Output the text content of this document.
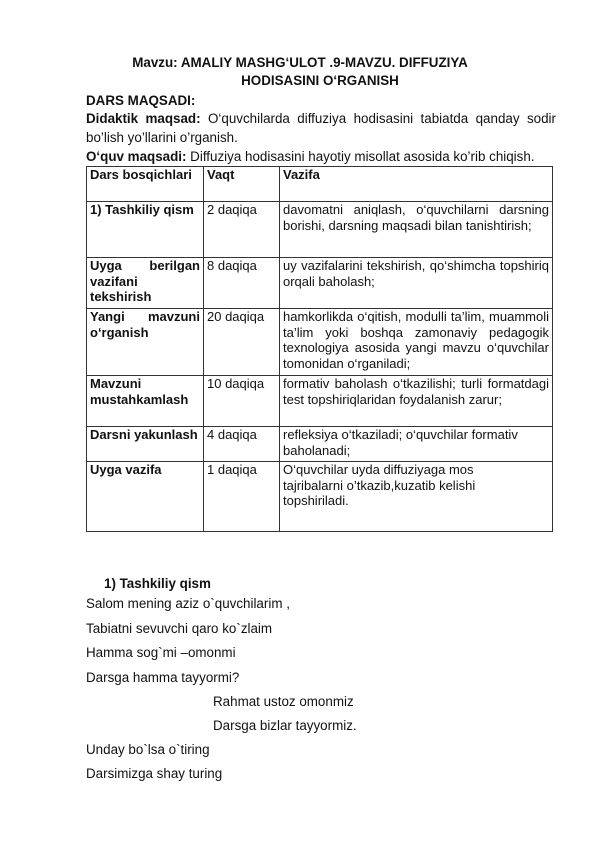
Mavzu: AMALIY MASHG‘ULOT .9-MAVZU. DIFFUZIYA
HODISASINI O‘RGANISH
DARS MAQSADI:
Didaktik maqsad: O‘quvchilarda diffuziya hodisasini tabiatda qanday sodir
bo’lish yo’llarini o’rganish.
O‘quv maqsadi: Diffuziya hodisasini hayotiy misollat asosida ko’rib chiqish.
Dars bosqichlari	Vaqt	Vazifa
1) Tashkiliy qism	2 daqiqa	davomatni aniqlash, o‘quvchilarni darsning borishi, darsning maqsadi bilan tanishtirish;
Uyga berilgan vazifani tekshirish	8 daqiqa	uy vazifalarini tekshirish, qo‘shimcha topshiriq orqali baholash;
Yangi mavzuni o‘rganish	20 daqiqa	hamkorlikda o‘qitish, modulli ta’lim, muammoli ta’lim yoki boshqa zamonaviy pedagogik texnologiya asosida yangi mavzu o‘quvchilar tomonidan o‘rganiladi;
Mavzuni mustahkamlash	10 daqiqa	formativ baholash o‘tkazilishi; turli formatdagi test topshiriqlaridan foydalanish zarur;
Darsni yakunlash	4 daqiqa	refleksiya o‘tkaziladi; o‘quvchilar formativ baholanadi;
Uyga vazifa	1 daqiqa	O‘quvchilar uyda diffuziyaga mos tajribalarni o’tkazib,kuzatib kelishi topshiriladi.
1) Tashkiliy qism
Salom mening aziz o`quvchilarim ,
Tabiatni sevuvchi qaro ko`zlaim
Hamma sog`mi –omonmi
Darsga hamma tayyormi?
Rahmat ustoz omonmiz
Darsga bizlar tayyormiz.
Unday bo`lsa o`tiring
Darsimizga shay turing
